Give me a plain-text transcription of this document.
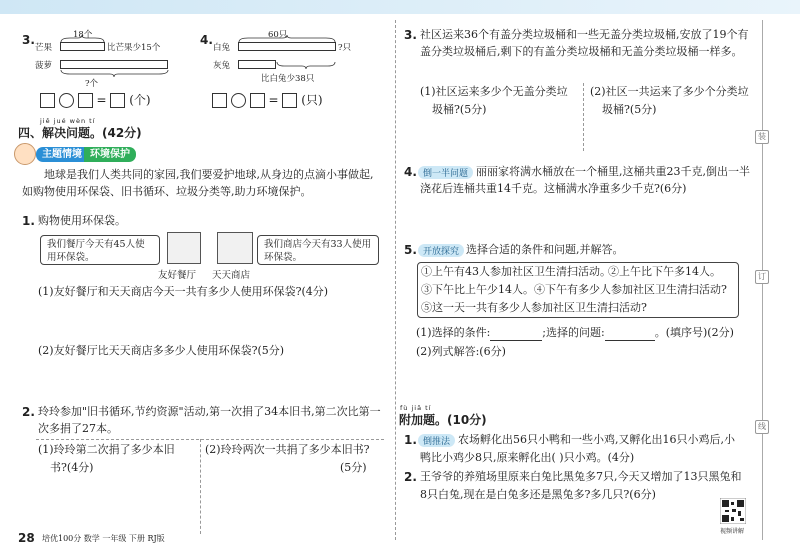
3.	18个
芒果	比芒果少15个
菠萝
?个
= (个)
4.	60只
白兔	?只
灰兔
比白兔少38只
= (只)
jiě jué wèn tí
四、解决问题。(42分)
主题情境 环境保护
地球是我们人类共同的家园,我们要爱护地球,从身边的点滴小事做起,如购物使用环保袋、旧书循环、垃圾分类等,助力环境保护。
1. 购物使用环保袋。
我们餐厅今天有45人使用环保袋。
友好餐厅 天天商店
我们商店今天有33人使用环保袋。
(1)友好餐厅和天天商店今天一共有多少人使用环保袋?(4分)
(2)友好餐厅比天天商店多多少人使用环保袋?(5分)
2. 玲玲参加"旧书循环,节约资源"活动,第一次捐了34本旧书,第二次比第一次多捐了27本。
(1)玲玲第二次捐了多少本旧
书?(4分)
(2)玲玲两次一共捐了多少本旧书?
(5分)
28 培优100分 数学 一年级 下册 RJ版
3. 社区运来36个有盖分类垃圾桶和一些无盖分类垃圾桶,安放了19个有盖分类垃圾桶后,剩下的有盖分类垃圾桶和无盖分类垃圾桶一样多。
(1)社区运来多少个无盖分类垃
圾桶?(5分)
(2)社区一共运来了多少个分类垃
圾桶?(5分)
4. 倒一半问题 丽丽家将满水桶放在一个桶里,这桶共重23千克,倒出一半浇花后连桶共重14千克。这桶满水净重多少千克?(6分)
5. 开放探究 选择合适的条件和问题,并解答。
①上午有43人参加社区卫生清扫活动。
②上午比下午多14人。
③下午比上午少14人。 ④下午有多少人参加社区卫生清扫活动?
⑤这一天一共有多少人参加社区卫生清扫活动?
(1)选择的条件:	;选择的问题:	。(填序号)(2分)
(2)列式解答:(6分)
fù jiā tí
附加题。(10分)
1. 倒推法 农场孵化出56只小鸭和一些小鸡,又孵化出16只小鸡后,小
鸭比小鸡少8只,原来孵化出( )只小鸡。(4分)
2. 王爷爷的养殖场里原来白兔比黑兔多7只,今天又增加了13只黑兔和
8只白兔,现在是白兔多还是黑兔多?多几只?(6分)
视频讲解
装
订
线
